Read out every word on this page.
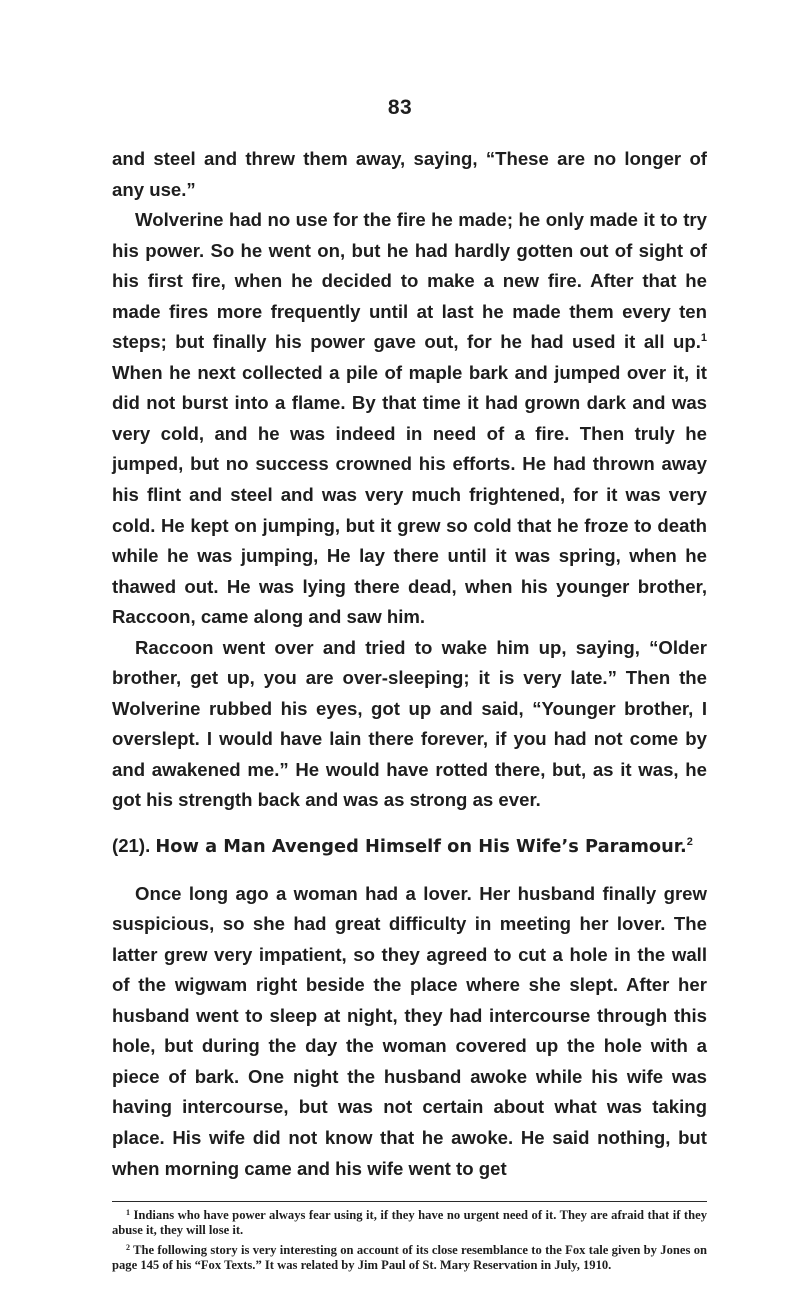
83

and steel and threw them away, saying, “These are no longer of any use.”

Wolverine had no use for the fire he made; he only made it to try his power. So he went on, but he had hardly gotten out of sight of his first fire, when he decided to make a new fire. After that he made fires more frequently until at last he made them every ten steps; but finally his power gave out, for he had used it all up.$^1$ When he next collected a pile of maple bark and jumped over it, it did not burst into a flame. By that time it had grown dark and was very cold, and he was indeed in need of a fire. Then truly he jumped, but no success crowned his efforts. He had thrown away his flint and steel and was very much frightened, for it was very cold. He kept on jumping, but it grew so cold that he froze to death while he was jumping, He lay there until it was spring, when he thawed out. He was lying there dead, when his younger brother, Raccoon, came along and saw him.

Raccoon went over and tried to wake him up, saying, “Older brother, get up, you are over-sleeping; it is very late.” Then the Wolverine rubbed his eyes, got up and said, “Younger brother, I overslept. I would have lain there forever, if you had not come by and awakened me.” He would have rotted there, but, as it was, he got his strength back and was as strong as ever.

(21). How a Man Avenged Himself on His Wife’s Paramour.$^2$

Once long ago a woman had a lover. Her husband finally grew suspicious, so she had great difficulty in meeting her lover. The latter grew very impatient, so they agreed to cut a hole in the wall of the wigwam right beside the place where she slept. After her husband went to sleep at night, they had intercourse through this hole, but during the day the woman covered up the hole with a piece of bark. One night the husband awoke while his wife was having intercourse, but was not certain about what was taking place. His wife did not know that he awoke. He said nothing, but when morning came and his wife went to get

$^1$ Indians who have power always fear using it, if they have no urgent need of it. They are afraid that if they abuse it, they will lose it.

$^2$ The following story is very interesting on account of its close resemblance to the Fox tale given by Jones on page 145 of his “Fox Texts.” It was related by Jim Paul of St. Mary Reservation in July, 1910.
